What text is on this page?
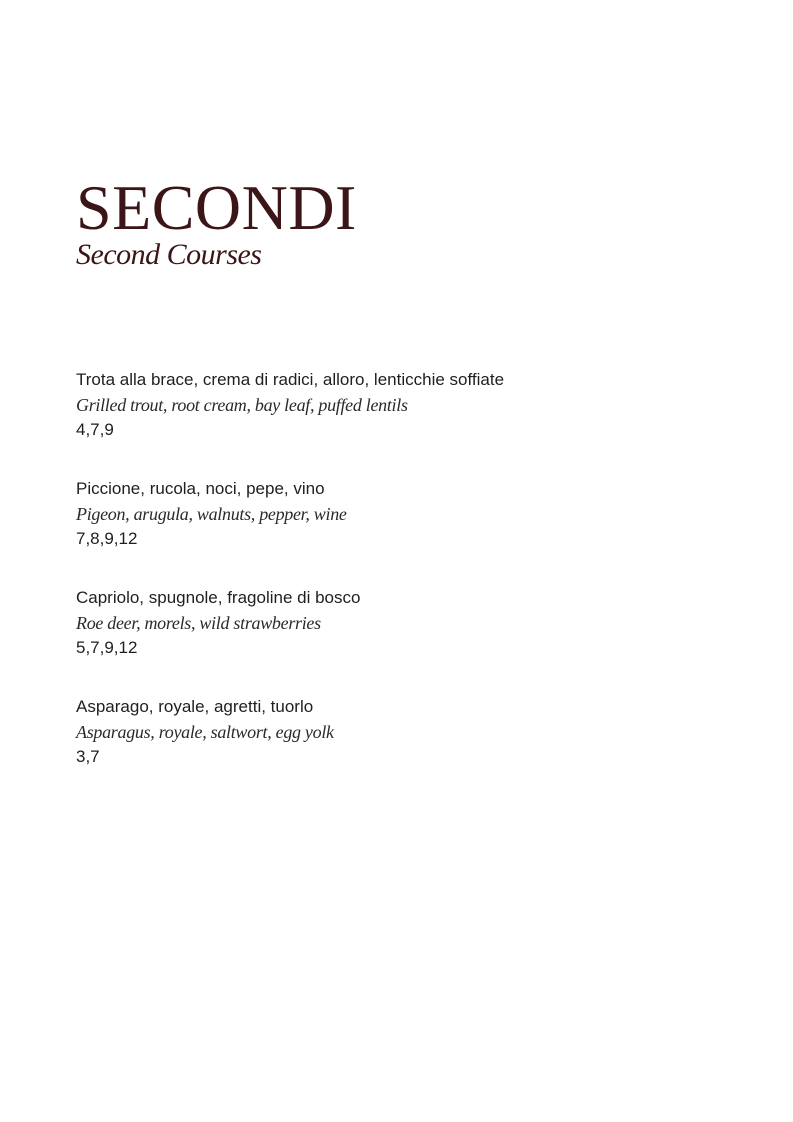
SECONDI
Second Courses
Trota alla brace, crema di radici, alloro, lenticchie soffiate
Grilled trout, root cream, bay leaf, puffed lentils
4,7,9
Piccione, rucola, noci, pepe, vino
Pigeon, arugula, walnuts, pepper, wine
7,8,9,12
Capriolo, spugnole, fragoline di bosco
Roe deer, morels, wild strawberries
5,7,9,12
Asparago, royale, agretti, tuorlo
Asparagus, royale, saltwort, egg yolk
3,7
